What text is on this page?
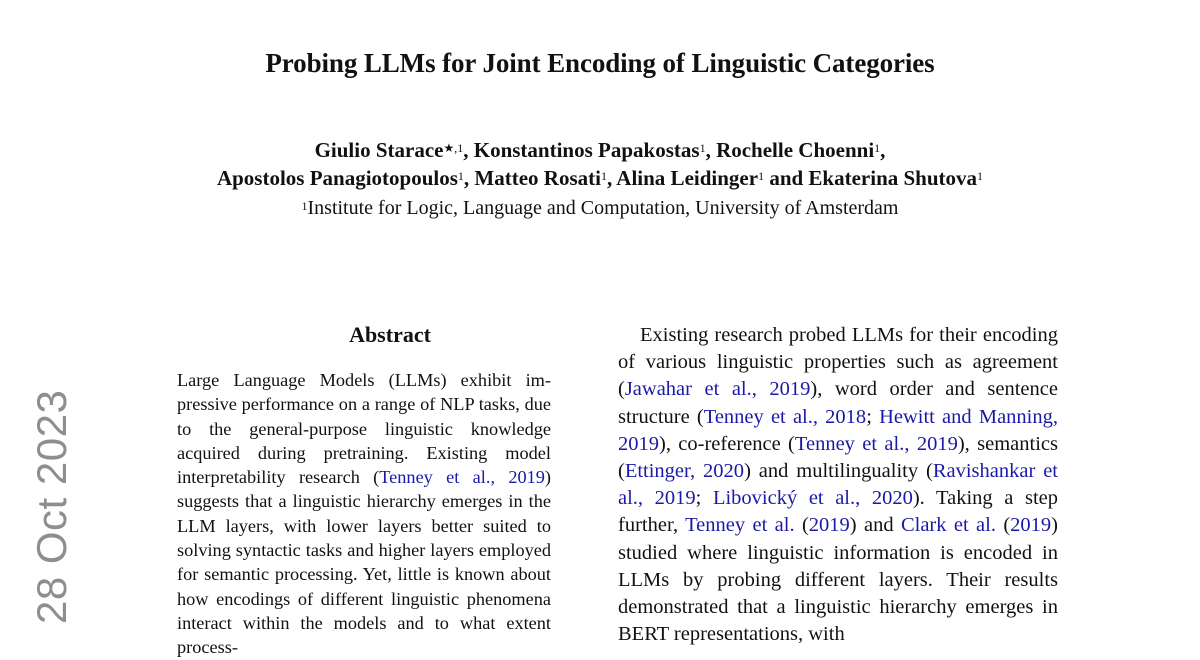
Probing LLMs for Joint Encoding of Linguistic Categories
Giulio Starace$^{★,1}$, Konstantinos Papakostas$^1$, Rochelle Choenni$^1$,
Apostolos Panagiotopoulos$^1$, Matteo Rosati$^1$, Alina Leidinger$^1$ and Ekaterina Shutova$^1$
$^1$Institute for Logic, Language and Computation, University of Amsterdam
28 Oct 2023
Abstract
Large Language Models (LLMs) exhibit impressive performance on a range of NLP tasks, due to the general-purpose linguistic knowledge acquired during pretraining. Existing model interpretability research (Tenney et al., 2019) suggests that a linguistic hierarchy emerges in the LLM layers, with lower layers better suited to solving syntactic tasks and higher layers employed for semantic processing. Yet, little is known about how encodings of different linguistic phenomena interact within the models and to what extent process-
Existing research probed LLMs for their encoding of various linguistic properties such as agreement (Jawahar et al., 2019), word order and sentence structure (Tenney et al., 2018; Hewitt and Manning, 2019), co-reference (Tenney et al., 2019), semantics (Ettinger, 2020) and multilinguality (Ravishankar et al., 2019; Libovický et al., 2020). Taking a step further, Tenney et al. (2019) and Clark et al. (2019) studied where linguistic information is encoded in LLMs by probing different layers. Their results demonstrated that a linguistic hierarchy emerges in BERT representations, with
